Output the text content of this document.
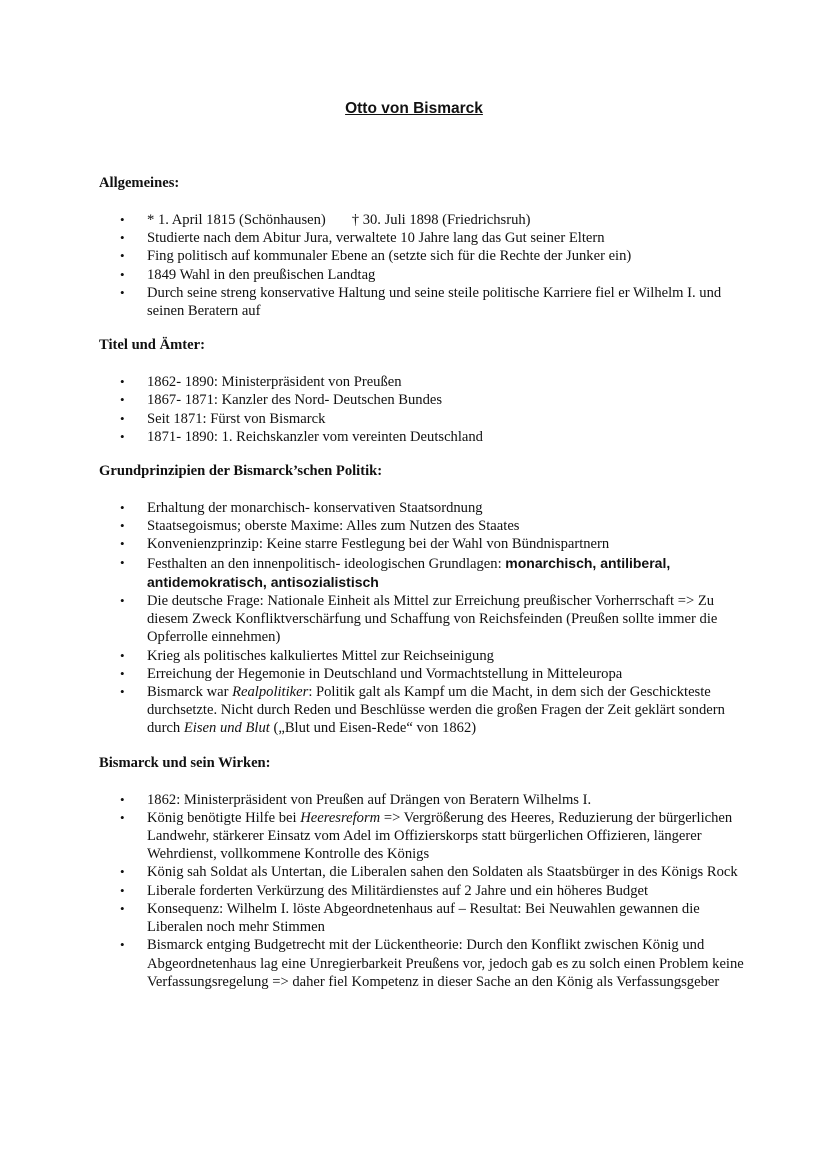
Otto von Bismarck
Allgemeines:
• * 1. April 1815 (Schönhausen) † 30. Juli 1898 (Friedrichsruh)
• Studierte nach dem Abitur Jura, verwaltete 10 Jahre lang das Gut seiner Eltern
• Fing politisch auf kommunaler Ebene an (setzte sich für die Rechte der Junker ein)
• 1849 Wahl in den preußischen Landtag
• Durch seine streng konservative Haltung und seine steile politische Karriere fiel er Wilhelm I. und seinen Beratern auf
Titel und Ämter:
• 1862- 1890: Ministerpräsident von Preußen
• 1867- 1871: Kanzler des Nord- Deutschen Bundes
• Seit 1871: Fürst von Bismarck
• 1871- 1890: 1. Reichskanzler vom vereinten Deutschland
Grundprinzipien der Bismarck’schen Politik:
• Erhaltung der monarchisch- konservativen Staatsordnung
• Staatsegoismus; oberste Maxime: Alles zum Nutzen des Staates
• Konvenienzprinzip: Keine starre Festlegung bei der Wahl von Bündnispartnern
• Festhalten an den innenpolitisch- ideologischen Grundlagen: monarchisch, antiliberal, antidemokratisch, antisozialistisch
• Die deutsche Frage: Nationale Einheit als Mittel zur Erreichung preußischer Vorherrschaft => Zu diesem Zweck Konfliktverschärfung und Schaffung von Reichsfeinden (Preußen sollte immer die Opferrolle einnehmen)
• Krieg als politisches kalkuliertes Mittel zur Reichseinigung
• Erreichung der Hegemonie in Deutschland und Vormachtstellung in Mitteleuropa
• Bismarck war Realpolitiker: Politik galt als Kampf um die Macht, in dem sich der Geschickteste durchsetzte. Nicht durch Reden und Beschlüsse werden die großen Fragen der Zeit geklärt sondern durch Eisen und Blut („Blut und Eisen-Rede“ von 1862)
Bismarck und sein Wirken:
• 1862: Ministerpräsident von Preußen auf Drängen von Beratern Wilhelms I.
• König benötigte Hilfe bei Heeresreform => Vergrößerung des Heeres, Reduzierung der bürgerlichen Landwehr, stärkerer Einsatz vom Adel im Offizierskorps statt bürgerlichen Offizieren, längerer Wehrdienst, vollkommene Kontrolle des Königs
• König sah Soldat als Untertan, die Liberalen sahen den Soldaten als Staatsbürger in des Königs Rock
• Liberale forderten Verkürzung des Militärdienstes auf 2 Jahre und ein höheres Budget
• Konsequenz: Wilhelm I. löste Abgeordnetenhaus auf – Resultat: Bei Neuwahlen gewannen die Liberalen noch mehr Stimmen
• Bismarck entging Budgetrecht mit der Lückentheorie: Durch den Konflikt zwischen König und Abgeordnetenhaus lag eine Unregierbarkeit Preußens vor, jedoch gab es zu solch einen Problem keine Verfassungsregelung => daher fiel Kompetenz in dieser Sache an den König als Verfassungsgeber
